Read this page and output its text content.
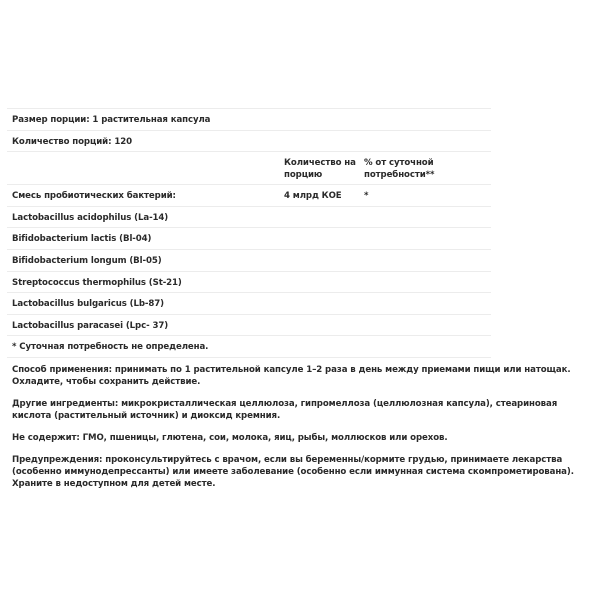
Размер порции: 1 растительная капсула
Количество порций: 120
Количество на порцию
% от суточной потребности**
Смесь пробиотических бактерий:	4 млрд КОЕ	*
Lactobacillus acidophilus (La-14)
Bifidobacterium lactis (Bl-04)
Bifidobacterium longum (Bl-05)
Streptococcus thermophilus (St-21)
Lactobacillus bulgaricus (Lb-87)
Lactobacillus paracasei (Lpc- 37)
* Суточная потребность не определена.

Способ применения: принимать по 1 растительной капсуле 1–2 раза в день между приемами пищи или натощак. Охладите, чтобы сохранить действие.

Другие ингредиенты: микрокристаллическая целлюлоза, гипромеллоза (целлюлозная капсула), стеариновая кислота (растительный источник) и диоксид кремния.

Не содержит: ГМО, пшеницы, глютена, сои, молока, яиц, рыбы, моллюсков или орехов.

Предупреждения: проконсультируйтесь с врачом, если вы беременны/кормите грудью, принимаете лекарства (особенно иммунодепрессанты) или имеете заболевание (особенно если иммунная система скомпрометирована). Храните в недоступном для детей месте.
